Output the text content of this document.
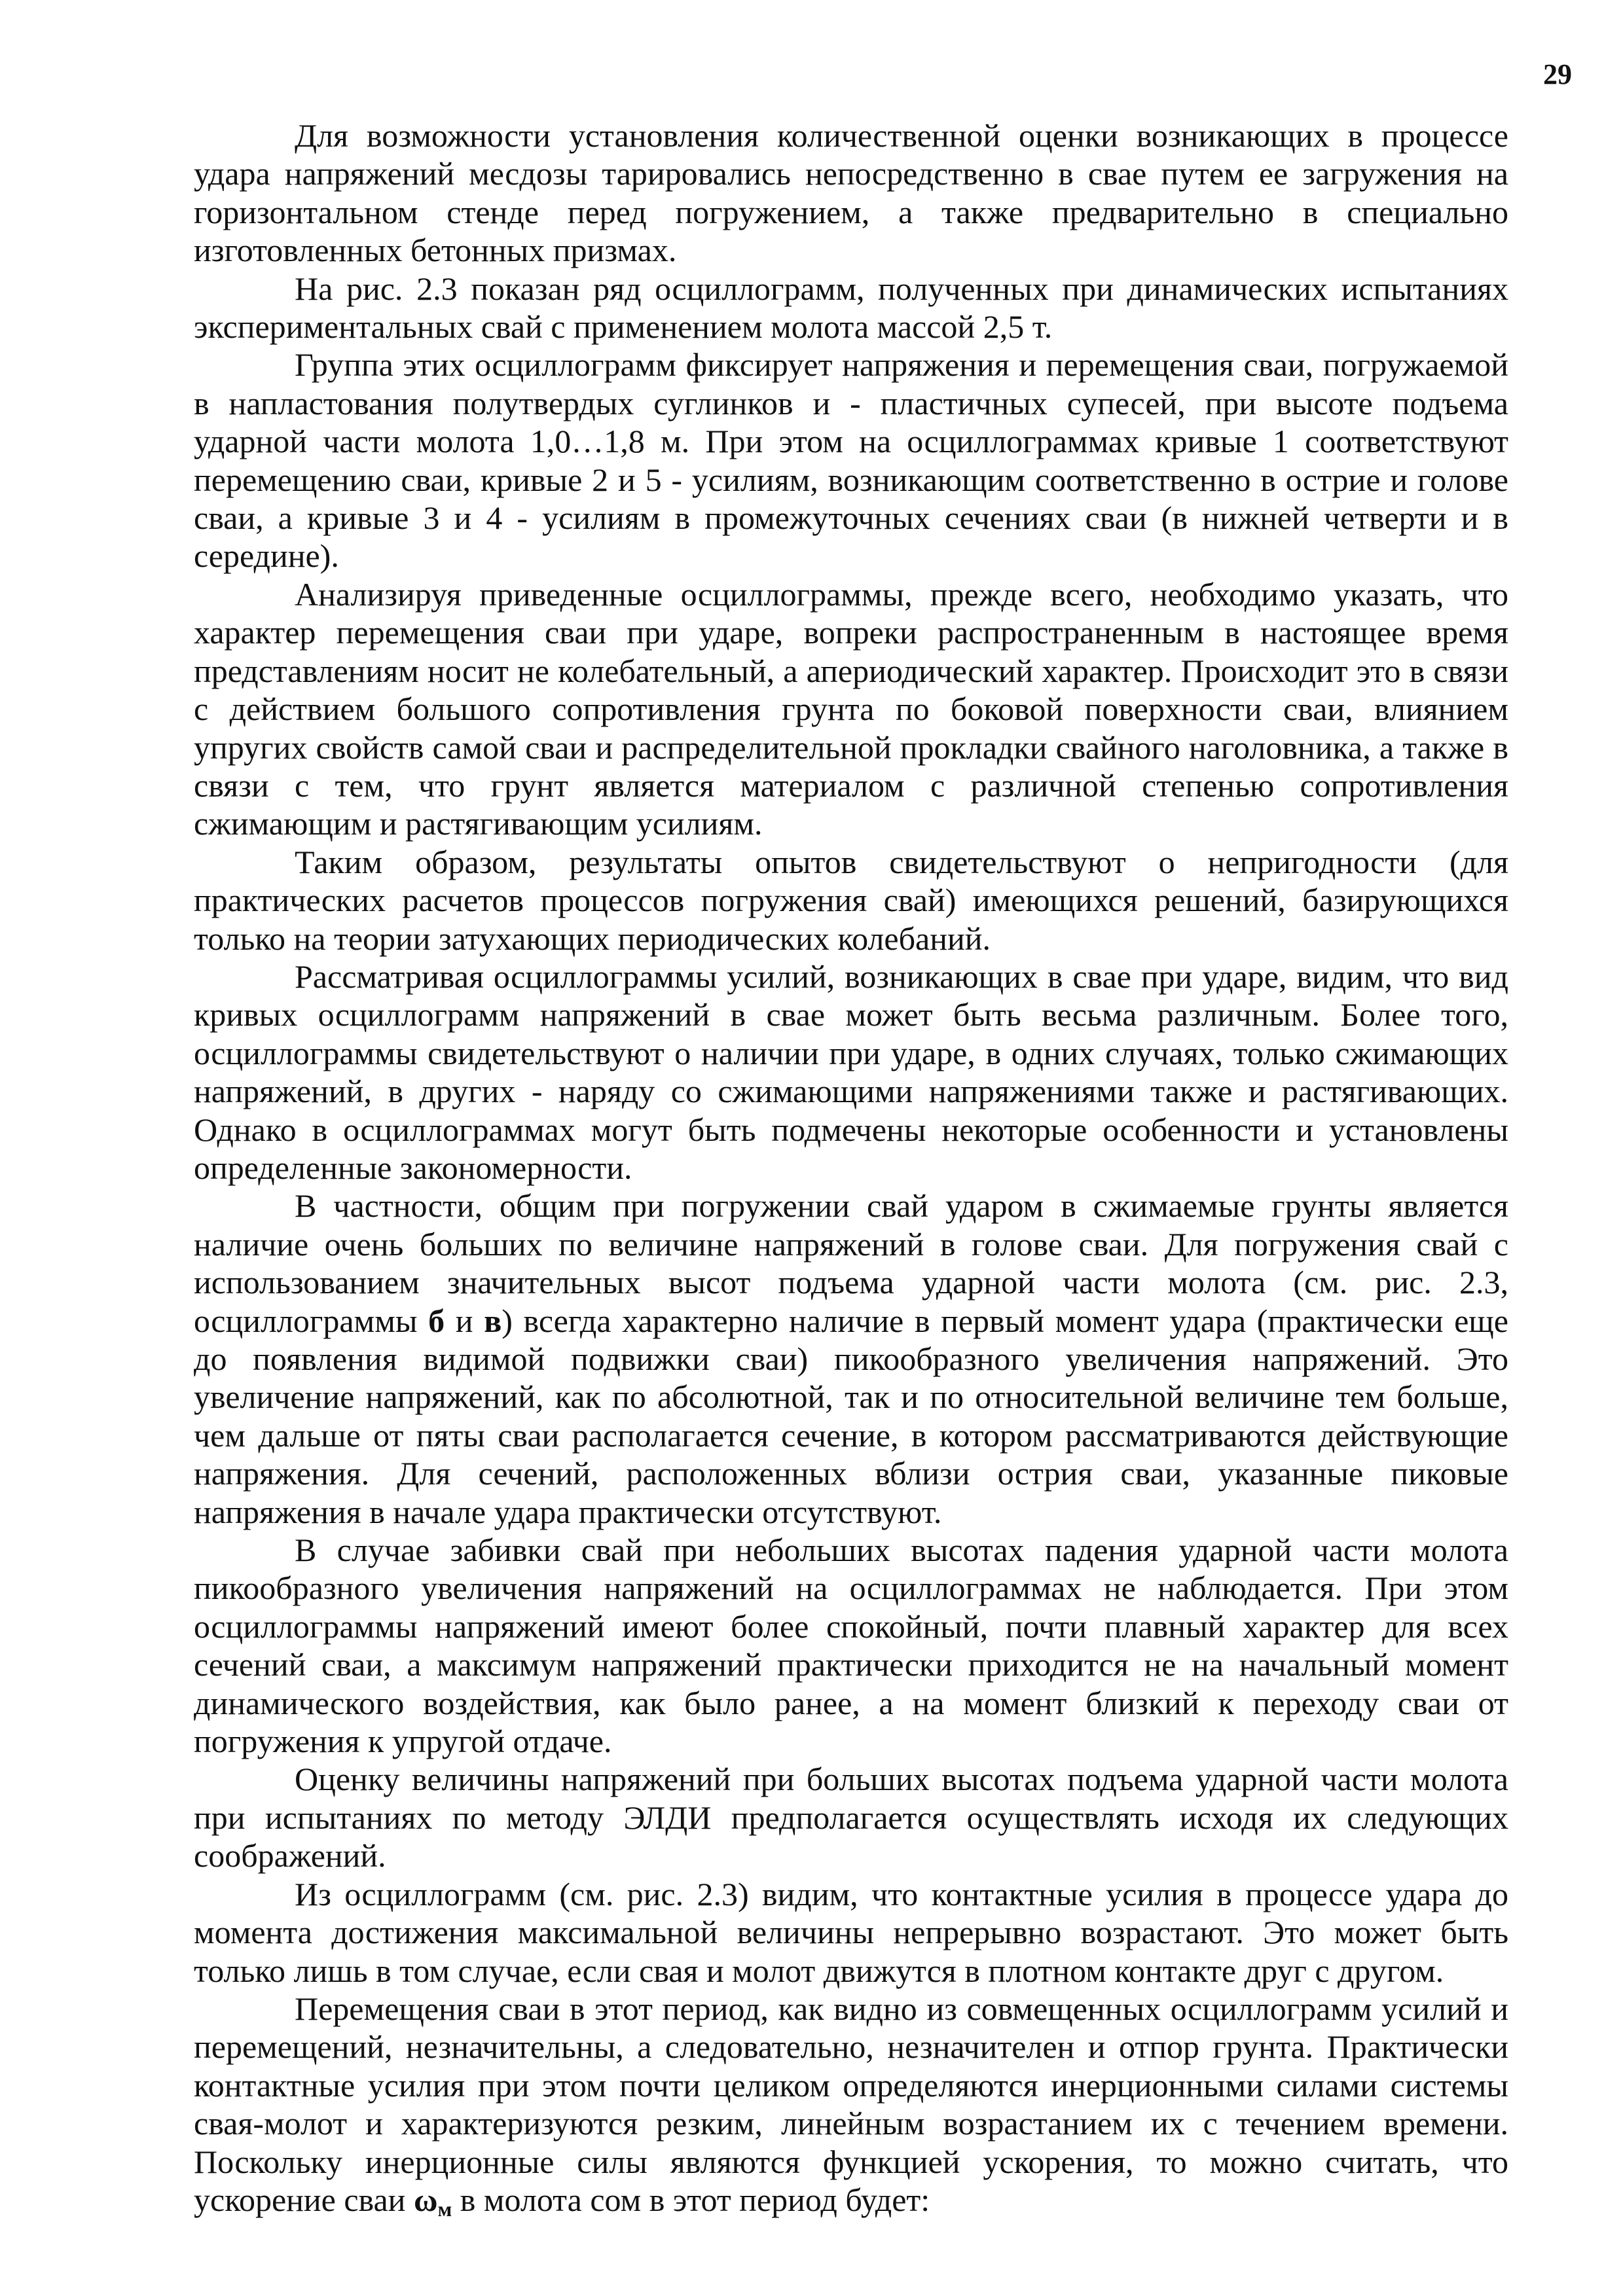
29

Для возможности установления количественной оценки возникающих в процессе удара напряжений месдозы тарировались непосредственно в свае путем ее загружения на горизонтальном стенде перед погружением, а также предварительно в специально изготовленных бетонных призмах.

На рис. 2.3 показан ряд осциллограмм, полученных при динамических испытаниях экспериментальных свай с применением молота массой 2,5 т.

Группа этих осциллограмм фиксирует напряжения и перемещения сваи, погружаемой в напластования полутвердых суглинков и - пластичных супесей, при высоте подъема ударной части молота 1,0…1,8 м. При этом на осциллограммах кривые 1 соответствуют перемещению сваи, кривые 2 и 5 - усилиям, возникающим соответственно в острие и голове сваи, а кривые 3 и 4 - усилиям в промежуточных сечениях сваи (в нижней четверти и в середине).

Анализируя приведенные осциллограммы, прежде всего, необходимо указать, что характер перемещения сваи при ударе, вопреки распространенным в настоящее время представлениям носит не колебательный, а апериодический характер. Происходит это в связи с действием большого сопротивления грунта по боковой поверхности сваи, влиянием упругих свойств самой сваи и распределительной прокладки свайного наголовника, а также в связи с тем, что грунт является материалом с различной степенью сопротивления сжимающим и растягивающим усилиям.

Таким образом, результаты опытов свидетельствуют о непригодности (для практических расчетов процессов погружения свай) имеющихся решений, базирующихся только на теории затухающих периодических колебаний.

Рассматривая осциллограммы усилий, возникающих в свае при ударе, видим, что вид кривых осциллограмм напряжений в свае может быть весьма различным. Более того, осциллограммы свидетельствуют о наличии при ударе, в одних случаях, только сжимающих напряжений, в других - наряду со сжимающими напряжениями также и растягивающих. Однако в осциллограммах могут быть подмечены некоторые особенности и установлены определенные закономерности.

В частности, общим при погружении свай ударом в сжимаемые грунты является наличие очень больших по величине напряжений в голове сваи. Для погружения свай с использованием значительных высот подъема ударной части молота (см. рис. 2.3, осциллограммы б и в) всегда характерно наличие в первый момент удара (практически еще до появления видимой подвижки сваи) пикообразного увеличения напряжений. Это увеличение напряжений, как по абсолютной, так и по относительной величине тем больше, чем дальше от пяты сваи располагается сечение, в котором рассматриваются действующие напряжения. Для сечений, расположенных вблизи острия сваи, указанные пиковые напряжения в начале удара практически отсутствуют.

В случае забивки свай при небольших высотах падения ударной части молота пикообразного увеличения напряжений на осциллограммах не наблюдается. При этом осциллограммы напряжений имеют более спокойный, почти плавный характер для всех сечений сваи, а максимум напряжений практически приходится не на начальный момент динамического воздействия, как было ранее, а на момент близкий к переходу сваи от погружения к упругой отдаче.

Оценку величины напряжений при больших высотах подъема ударной части молота при испытаниях по методу ЭЛДИ предполагается осуществлять исходя их следующих соображений.

Из осциллограмм (см. рис. 2.3) видим, что контактные усилия в процессе удара до момента достижения максимальной величины непрерывно возрастают. Это может быть только лишь в том случае, если свая и молот движутся в плотном контакте друг с другом.

Перемещения сваи в этот период, как видно из совмещенных осциллограмм усилий и перемещений, незначительны, а следовательно, незначителен и отпор грунта. Практически контактные усилия при этом почти целиком определяются инерционными силами системы свая-молот и характеризуются резким, линейным возрастанием их с течением времени. Поскольку инерционные силы являются функцией ускорения, то можно считать, что ускорение сваи $\omega_м$ в молота сом в этот период будет:
